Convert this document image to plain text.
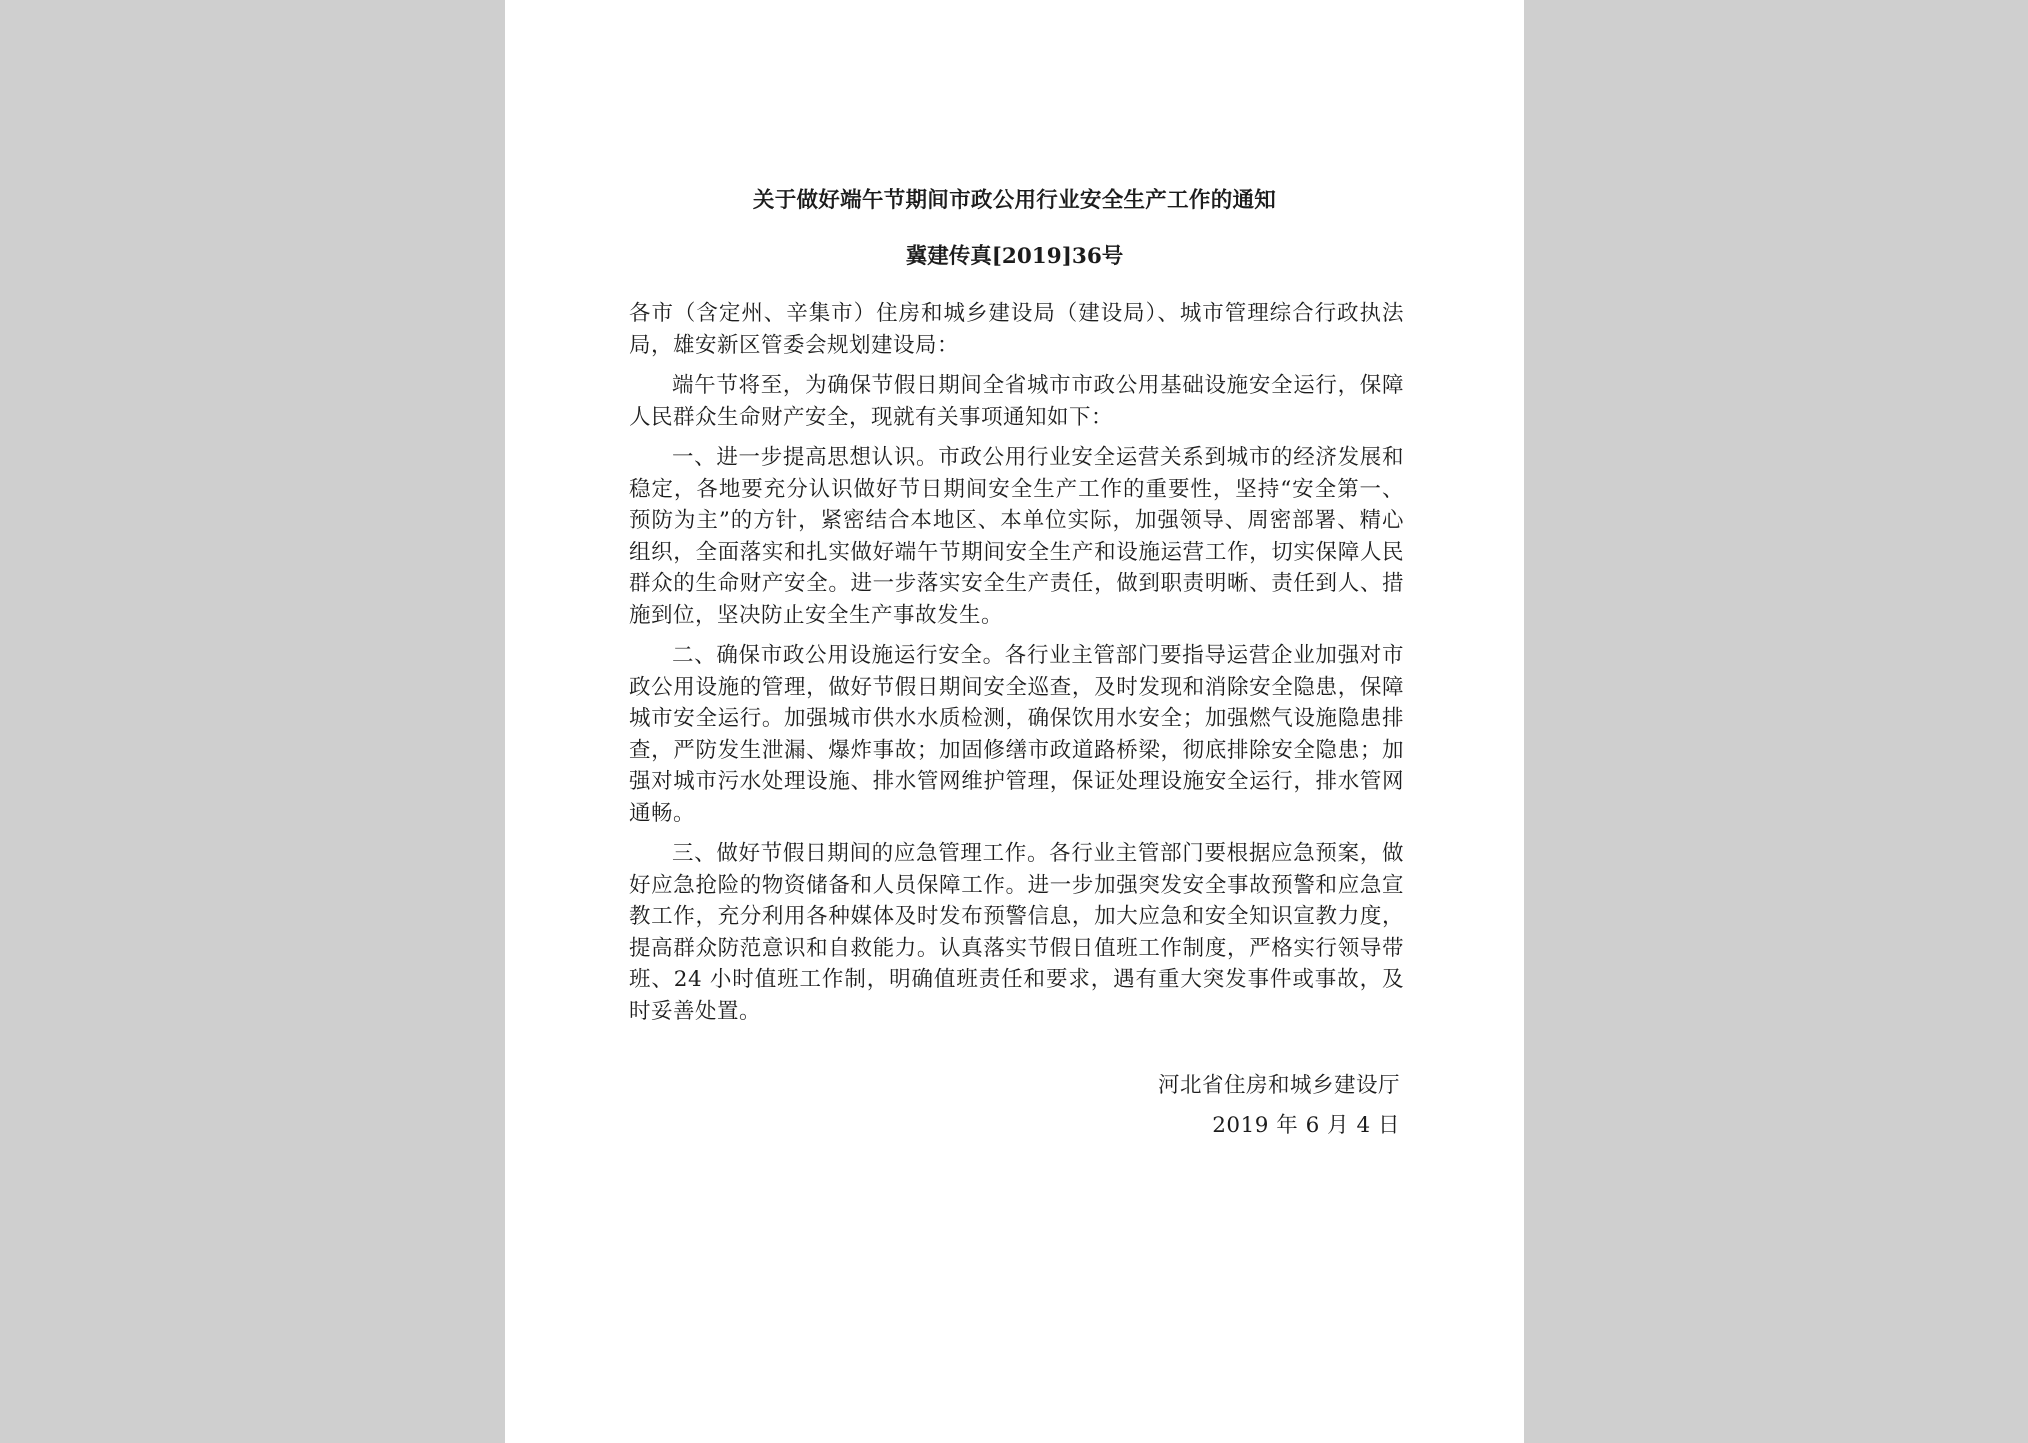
关于做好端午节期间市政公用行业安全生产工作的通知
冀建传真[2019]36号

各市（含定州、辛集市）住房和城乡建设局（建设局）、城市管理综合行政执法局，雄安新区管委会规划建设局：

端午节将至，为确保节假日期间全省城市市政公用基础设施安全运行，保障人民群众生命财产安全，现就有关事项通知如下：

一、进一步提高思想认识。市政公用行业安全运营关系到城市的经济发展和稳定，各地要充分认识做好节日期间安全生产工作的重要性，坚持“安全第一、预防为主”的方针，紧密结合本地区、本单位实际，加强领导、周密部署、精心组织，全面落实和扎实做好端午节期间安全生产和设施运营工作，切实保障人民群众的生命财产安全。进一步落实安全生产责任，做到职责明晰、责任到人、措施到位，坚决防止安全生产事故发生。

二、确保市政公用设施运行安全。各行业主管部门要指导运营企业加强对市政公用设施的管理，做好节假日期间安全巡查，及时发现和消除安全隐患，保障城市安全运行。加强城市供水水质检测，确保饮用水安全；加强燃气设施隐患排查，严防发生泄漏、爆炸事故；加固修缮市政道路桥梁，彻底排除安全隐患；加强对城市污水处理设施、排水管网维护管理，保证处理设施安全运行，排水管网通畅。

三、做好节假日期间的应急管理工作。各行业主管部门要根据应急预案，做好应急抢险的物资储备和人员保障工作。进一步加强突发安全事故预警和应急宣教工作，充分利用各种媒体及时发布预警信息，加大应急和安全知识宣教力度，提高群众防范意识和自救能力。认真落实节假日值班工作制度，严格实行领导带班、24 小时值班工作制，明确值班责任和要求，遇有重大突发事件或事故，及时妥善处置。

河北省住房和城乡建设厅
2019 年 6 月 4 日
